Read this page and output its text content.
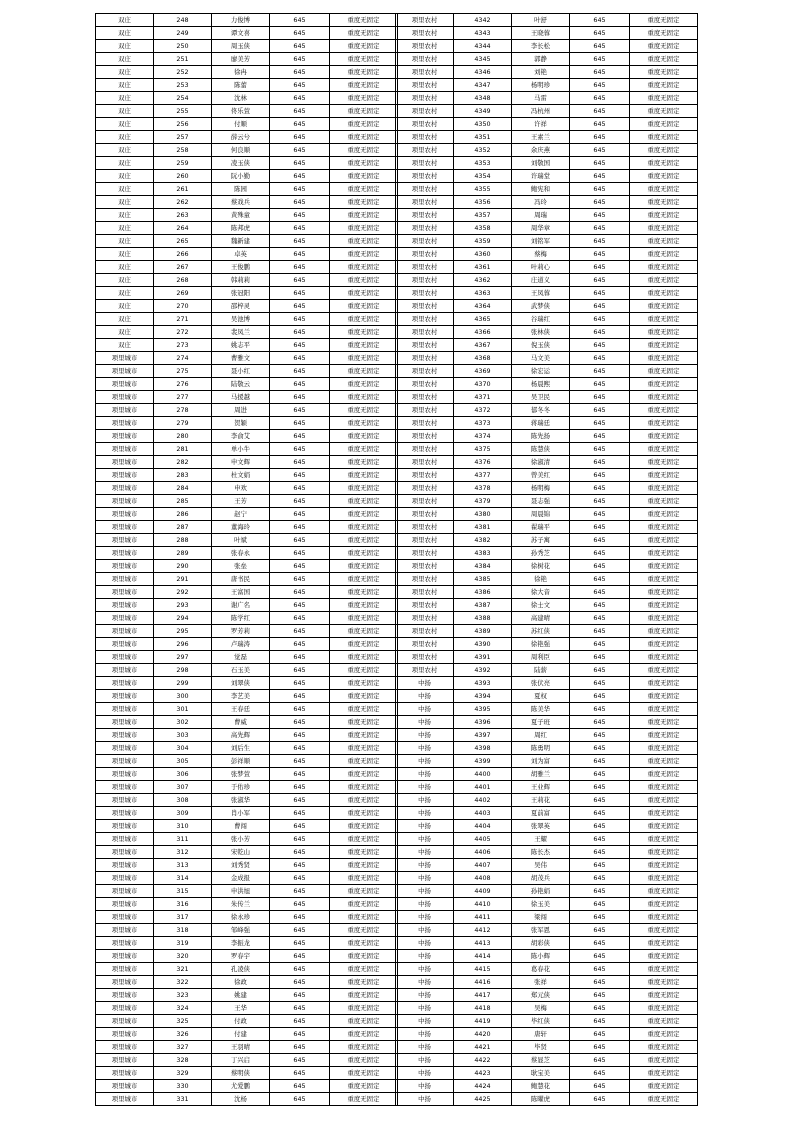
双庄	248	力俊博	645	重度无固定
双庄	249	谭文喜	645	重度无固定
双庄	250	周玉侠	645	重度无固定
双庄	251	廖美芳	645	重度无固定
双庄	252	徐冉	645	重度无固定
双庄	253	陈蕾	645	重度无固定
双庄	254	沈林	645	重度无固定
双庄	255	佟乐萱	645	重度无固定
双庄	256	付顺	645	重度无固定
双庄	257	薛云兮	645	重度无固定
双庄	258	何良顺	645	重度无固定
双庄	259	凌玉侠	645	重度无固定
双庄	260	阮小勤	645	重度无固定
双庄	261	陈园	645	重度无固定
双庄	262	蔡戏兵	645	重度无固定
双庄	263	黄殊童	645	重度无固定
双庄	264	陈邦虎	645	重度无固定
双庄	265	魏新建	645	重度无固定
双庄	266	卓英	645	重度无固定
双庄	267	王俊鹏	645	重度无固定
双庄	268	韩莉莉	645	重度无固定
双庄	269	张冠阳	645	重度无固定
双庄	270	邵梓灵	645	重度无固定
双庄	271	吴池博	645	重度无固定
双庄	272	裴凤兰	645	重度无固定
双庄	273	姚志平	645	重度无固定
项里城市	274	曹雅文	645	重度无固定
项里城市	275	聂小红	645	重度无固定
项里城市	276	陆敬云	645	重度无固定
项里城市	277	马援越	645	重度无固定
项里城市	278	周进	645	重度无固定
项里城市	279	贺颖	645	重度无固定
项里城市	280	李俞艾	645	重度无固定
项里城市	281	单小牛	645	重度无固定
项里城市	282	申文辉	645	重度无固定
项里城市	283	杜文娟	645	重度无固定
项里城市	284	申欢	645	重度无固定
项里城市	285	王芳	645	重度无固定
项里城市	286	赵宁	645	重度无固定
项里城市	287	董海玲	645	重度无固定
项里城市	288	叶斌	645	重度无固定
项里城市	289	张春永	645	重度无固定
项里城市	290	张垒	645	重度无固定
项里城市	291	唐书民	645	重度无固定
项里城市	292	王富国	645	重度无固定
项里城市	293	谢广名	645	重度无固定
项里城市	294	陈学红	645	重度无固定
项里城市	295	罗芳莉	645	重度无固定
项里城市	296	卢瑞涛	645	重度无固定
项里城市	297	觉磊	645	重度无固定
项里城市	298	石玉美	645	重度无固定
项里城市	299	刘翠侠	645	重度无固定
项里城市	300	李艺美	645	重度无固定
项里城市	301	王春廷	645	重度无固定
项里城市	302	曹威	645	重度无固定
项里城市	303	高先辉	645	重度无固定
项里城市	304	刘后生	645	重度无固定
项里城市	305	彭祥顺	645	重度无固定
项里城市	306	张梦萱	645	重度无固定
项里城市	307	于佑珍	645	重度无固定
项里城市	308	张淑华	645	重度无固定
项里城市	309	肖小军	645	重度无固定
项里城市	310	曹闯	645	重度无固定
项里城市	311	张小芳	645	重度无固定
项里城市	312	宋乾山	645	重度无固定
项里城市	313	刘秀贤	645	重度无固定
项里城市	314	金成报	645	重度无固定
项里城市	315	申洪旭	645	重度无固定
项里城市	316	朱传兰	645	重度无固定
项里城市	317	徐永珍	645	重度无固定
项里城市	318	邹峰强	645	重度无固定
项里城市	319	李振龙	645	重度无固定
项里城市	320	罗春宇	645	重度无固定
项里城市	321	孔凌侠	645	重度无固定
项里城市	322	徐政	645	重度无固定
项里城市	323	姚建	645	重度无固定
项里城市	324	王华	645	重度无固定
项里城市	325	付政	645	重度无固定
项里城市	326	付建	645	重度无固定
项里城市	327	王羽晴	645	重度无固定
项里城市	328	丁兴启	645	重度无固定
项里城市	329	蔡明侠	645	重度无固定
项里城市	330	尤爱鹏	645	重度无固定
项里城市	331	沈杨	645	重度无固定
项里农村	4342	叶舒	645	重度无固定
项里农村	4343	王晓蓉	645	重度无固定
项里农村	4344	李长松	645	重度无固定
项里农村	4345	郭静	645	重度无固定
项里农村	4346	刘艳	645	重度无固定
项里农村	4347	杨明珍	645	重度无固定
项里农村	4348	马雷	645	重度无固定
项里农村	4349	冯杭州	645	重度无固定
项里农村	4350	许祥	645	重度无固定
项里农村	4351	王素兰	645	重度无固定
项里农村	4352	余庆燕	645	重度无固定
项里农村	4353	刘敬国	645	重度无固定
项里农村	4354	许瑞堂	645	重度无固定
项里农村	4355	鲍宪和	645	重度无固定
项里农村	4356	冯玲	645	重度无固定
项里农村	4357	周瑞	645	重度无固定
项里农村	4358	周华章	645	重度无固定
项里农村	4359	刘铭军	645	重度无固定
项里农村	4360	蔡梅	645	重度无固定
项里农村	4361	叶莉心	645	重度无固定
项里农村	4362	庄道义	645	重度无固定
项里农村	4363	王凤蓉	645	重度无固定
项里农村	4364	武梦侠	645	重度无固定
项里农村	4365	谷瑞红	645	重度无固定
项里农村	4366	张林侠	645	重度无固定
项里农村	4367	倪玉侠	645	重度无固定
项里农村	4368	马文美	645	重度无固定
项里农村	4369	徐宏运	645	重度无固定
项里农村	4370	杨晨熙	645	重度无固定
项里农村	4371	吴卫民	645	重度无固定
项里农村	4372	郁冬冬	645	重度无固定
项里农村	4373	蒋瑞廷	645	重度无固定
项里农村	4374	陈先扬	645	重度无固定
项里农村	4375	陈慧侠	645	重度无固定
项里农村	4376	徐淑清	645	重度无固定
项里农村	4377	曾美红	645	重度无固定
项里农村	4378	杨明梅	645	重度无固定
项里农村	4379	聂志强	645	重度无固定
项里农村	4380	周晨锦	645	重度无固定
项里农村	4381	翟瑞平	645	重度无固定
项里农村	4382	苏子寓	645	重度无固定
项里农村	4383	孙秀芝	645	重度无固定
项里农村	4384	徐树花	645	重度无固定
项里农村	4385	徐艳	645	重度无固定
项里农村	4386	徐大音	645	重度无固定
项里农村	4387	徐士文	645	重度无固定
项里农村	4388	高建晴	645	重度无固定
项里农村	4389	苏红侠	645	重度无固定
项里农村	4390	徐艳强	645	重度无固定
项里农村	4391	周利臣	645	重度无固定
项里农村	4392	陆薪	645	重度无固定
中扬	4393	张伏亮	645	重度无固定
中扬	4394	夏权	645	重度无固定
中扬	4395	陈美华	645	重度无固定
中扬	4396	夏子班	645	重度无固定
中扬	4397	周红	645	重度无固定
中扬	4398	陈勇明	645	重度无固定
中扬	4399	刘为富	645	重度无固定
中扬	4400	胡雅兰	645	重度无固定
中扬	4401	王业辉	645	重度无固定
中扬	4402	王莉花	645	重度无固定
中扬	4403	夏前富	645	重度无固定
中扬	4404	张翠英	645	重度无固定
中扬	4405	王耀	645	重度无固定
中扬	4406	陈长杰	645	重度无固定
中扬	4407	吴伟	645	重度无固定
中扬	4408	胡茂兵	645	重度无固定
中扬	4409	孙艳娟	645	重度无固定
中扬	4410	徐玉美	645	重度无固定
中扬	4411	梁闯	645	重度无固定
中扬	4412	张军恩	645	重度无固定
中扬	4413	胡彩侠	645	重度无固定
中扬	4414	陈小辉	645	重度无固定
中扬	4415	葛春花	645	重度无固定
中扬	4416	张祥	645	重度无固定
中扬	4417	郑元侠	645	重度无固定
中扬	4418	吴梅	645	重度无固定
中扬	4419	毕红侠	645	重度无固定
中扬	4420	唐轩	645	重度无固定
中扬	4421	毕贤	645	重度无固定
中扬	4422	蔡显芝	645	重度无固定
中扬	4423	耿宝美	645	重度无固定
中扬	4424	鲍慧花	645	重度无固定
中扬	4425	陈曜虎	645	重度无固定
